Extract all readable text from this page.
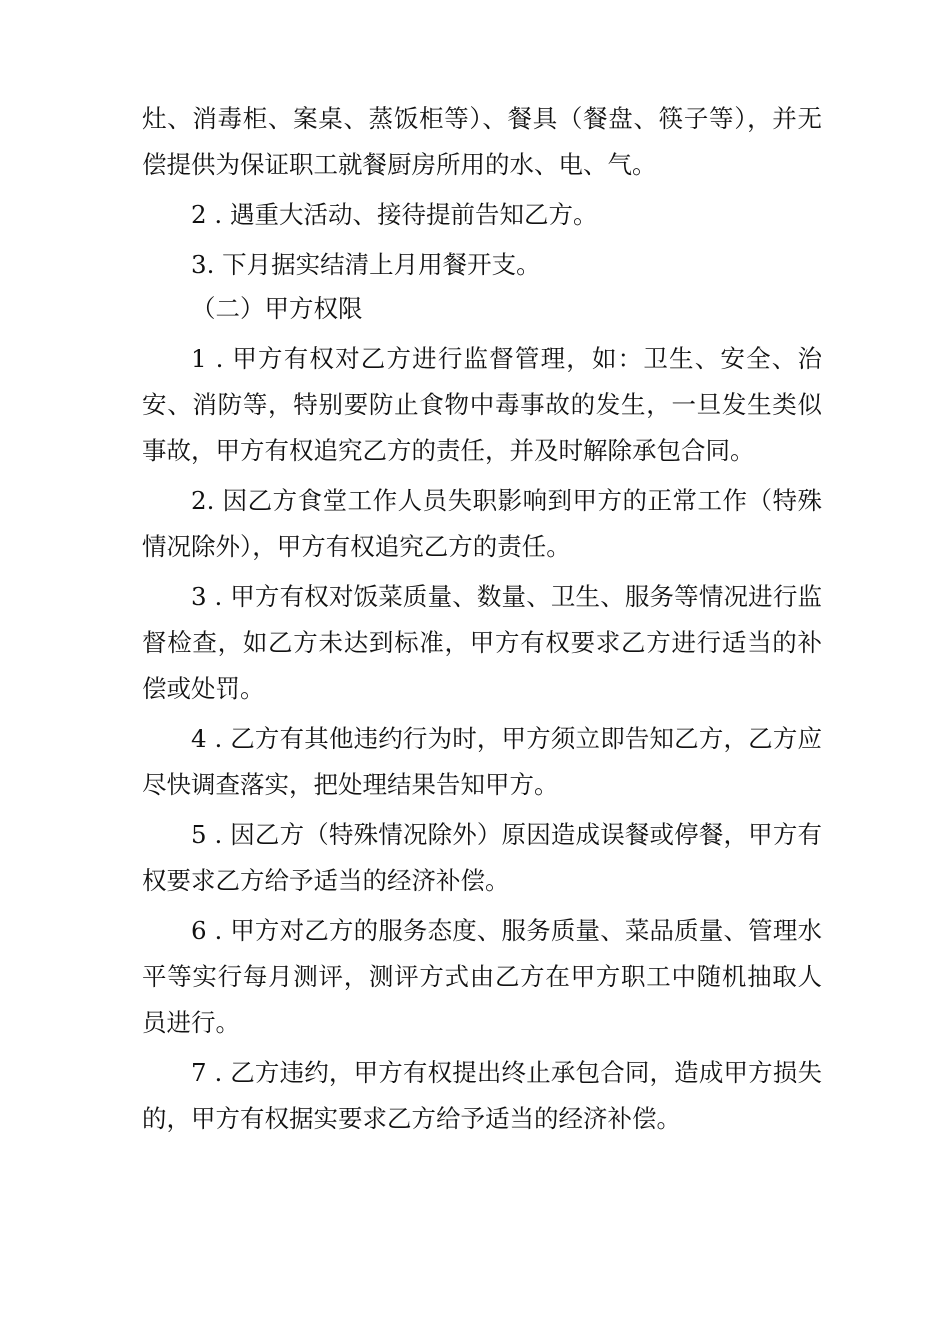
灶、消毒柜、案桌、蒸饭柜等）、餐具（餐盘、筷子等），并无偿提供为保证职工就餐厨房所用的水、电、气。

2 . 遇重大活动、接待提前告知乙方。

3. 下月据实结清上月用餐开支。

（二）甲方权限

1 . 甲方有权对乙方进行监督管理，如：卫生、安全、治安、消防等，特别要防止食物中毒事故的发生，一旦发生类似事故，甲方有权追究乙方的责任，并及时解除承包合同。

2. 因乙方食堂工作人员失职影响到甲方的正常工作（特殊情况除外），甲方有权追究乙方的责任。

3 . 甲方有权对饭菜质量、数量、卫生、服务等情况进行监督检查，如乙方未达到标准，甲方有权要求乙方进行适当的补偿或处罚。

4 . 乙方有其他违约行为时，甲方须立即告知乙方，乙方应尽快调查落实，把处理结果告知甲方。

5 . 因乙方（特殊情况除外）原因造成误餐或停餐，甲方有权要求乙方给予适当的经济补偿。

6 . 甲方对乙方的服务态度、服务质量、菜品质量、管理水平等实行每月测评，测评方式由乙方在甲方职工中随机抽取人员进行。

7 . 乙方违约，甲方有权提出终止承包合同，造成甲方损失的，甲方有权据实要求乙方给予适当的经济补偿。
